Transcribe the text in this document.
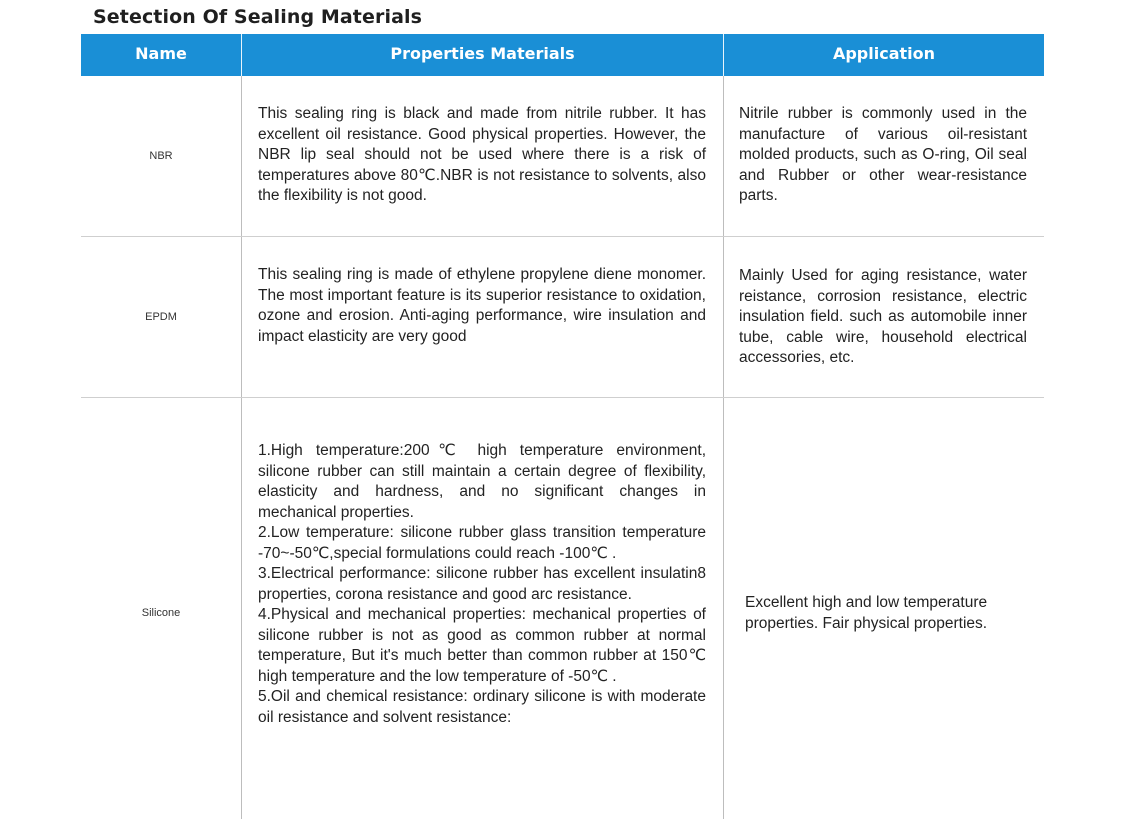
Setection Of Sealing Materials
Name	Properties Materials	Application
NBR

This sealing ring is black and made from nitrile rubber. It has excellent oil resistance. Good physical properties. However, the NBR lip seal should not be used where there is a risk of temperatures above 80℃.NBR is not resistance to solvents, also the flexibility is not good.

Nitrile rubber is commonly used in the manufacture of various oil-resistant molded products, such as O-ring, Oil seal and Rubber or other wear-resistance parts.

EPDM

This sealing ring is made of ethylene propylene diene monomer. The most important feature is its superior resistance to oxidation, ozone and erosion. Anti-aging performance, wire insulation and impact elasticity are very good

Mainly Used for aging resistance, water reistance, corrosion resistance, electric insulation field. such as automobile inner tube, cable wire, household electrical accessories, etc.

Silicone

1.High temperature:200℃ high temperature environment, silicone rubber can still maintain a certain degree of flexibility, elasticity and hardness, and no significant changes in mechanical properties.

2.Low temperature: silicone rubber glass transition temperature -70~-50℃,special formulations could reach -100℃ .

3.Electrical performance: silicone rubber has excellent insulatin8 properties, corona resistance and good arc resistance.

4.Physical and mechanical properties: mechanical properties of silicone rubber is not as good as common rubber at normal temperature, But it's much better than common rubber at 150℃ high temperature and the low temperature of -50℃ .

5.Oil and chemical resistance: ordinary silicone is with moderate oil resistance and solvent resistance:

Excellent high and low temperature properties. Fair physical properties.
